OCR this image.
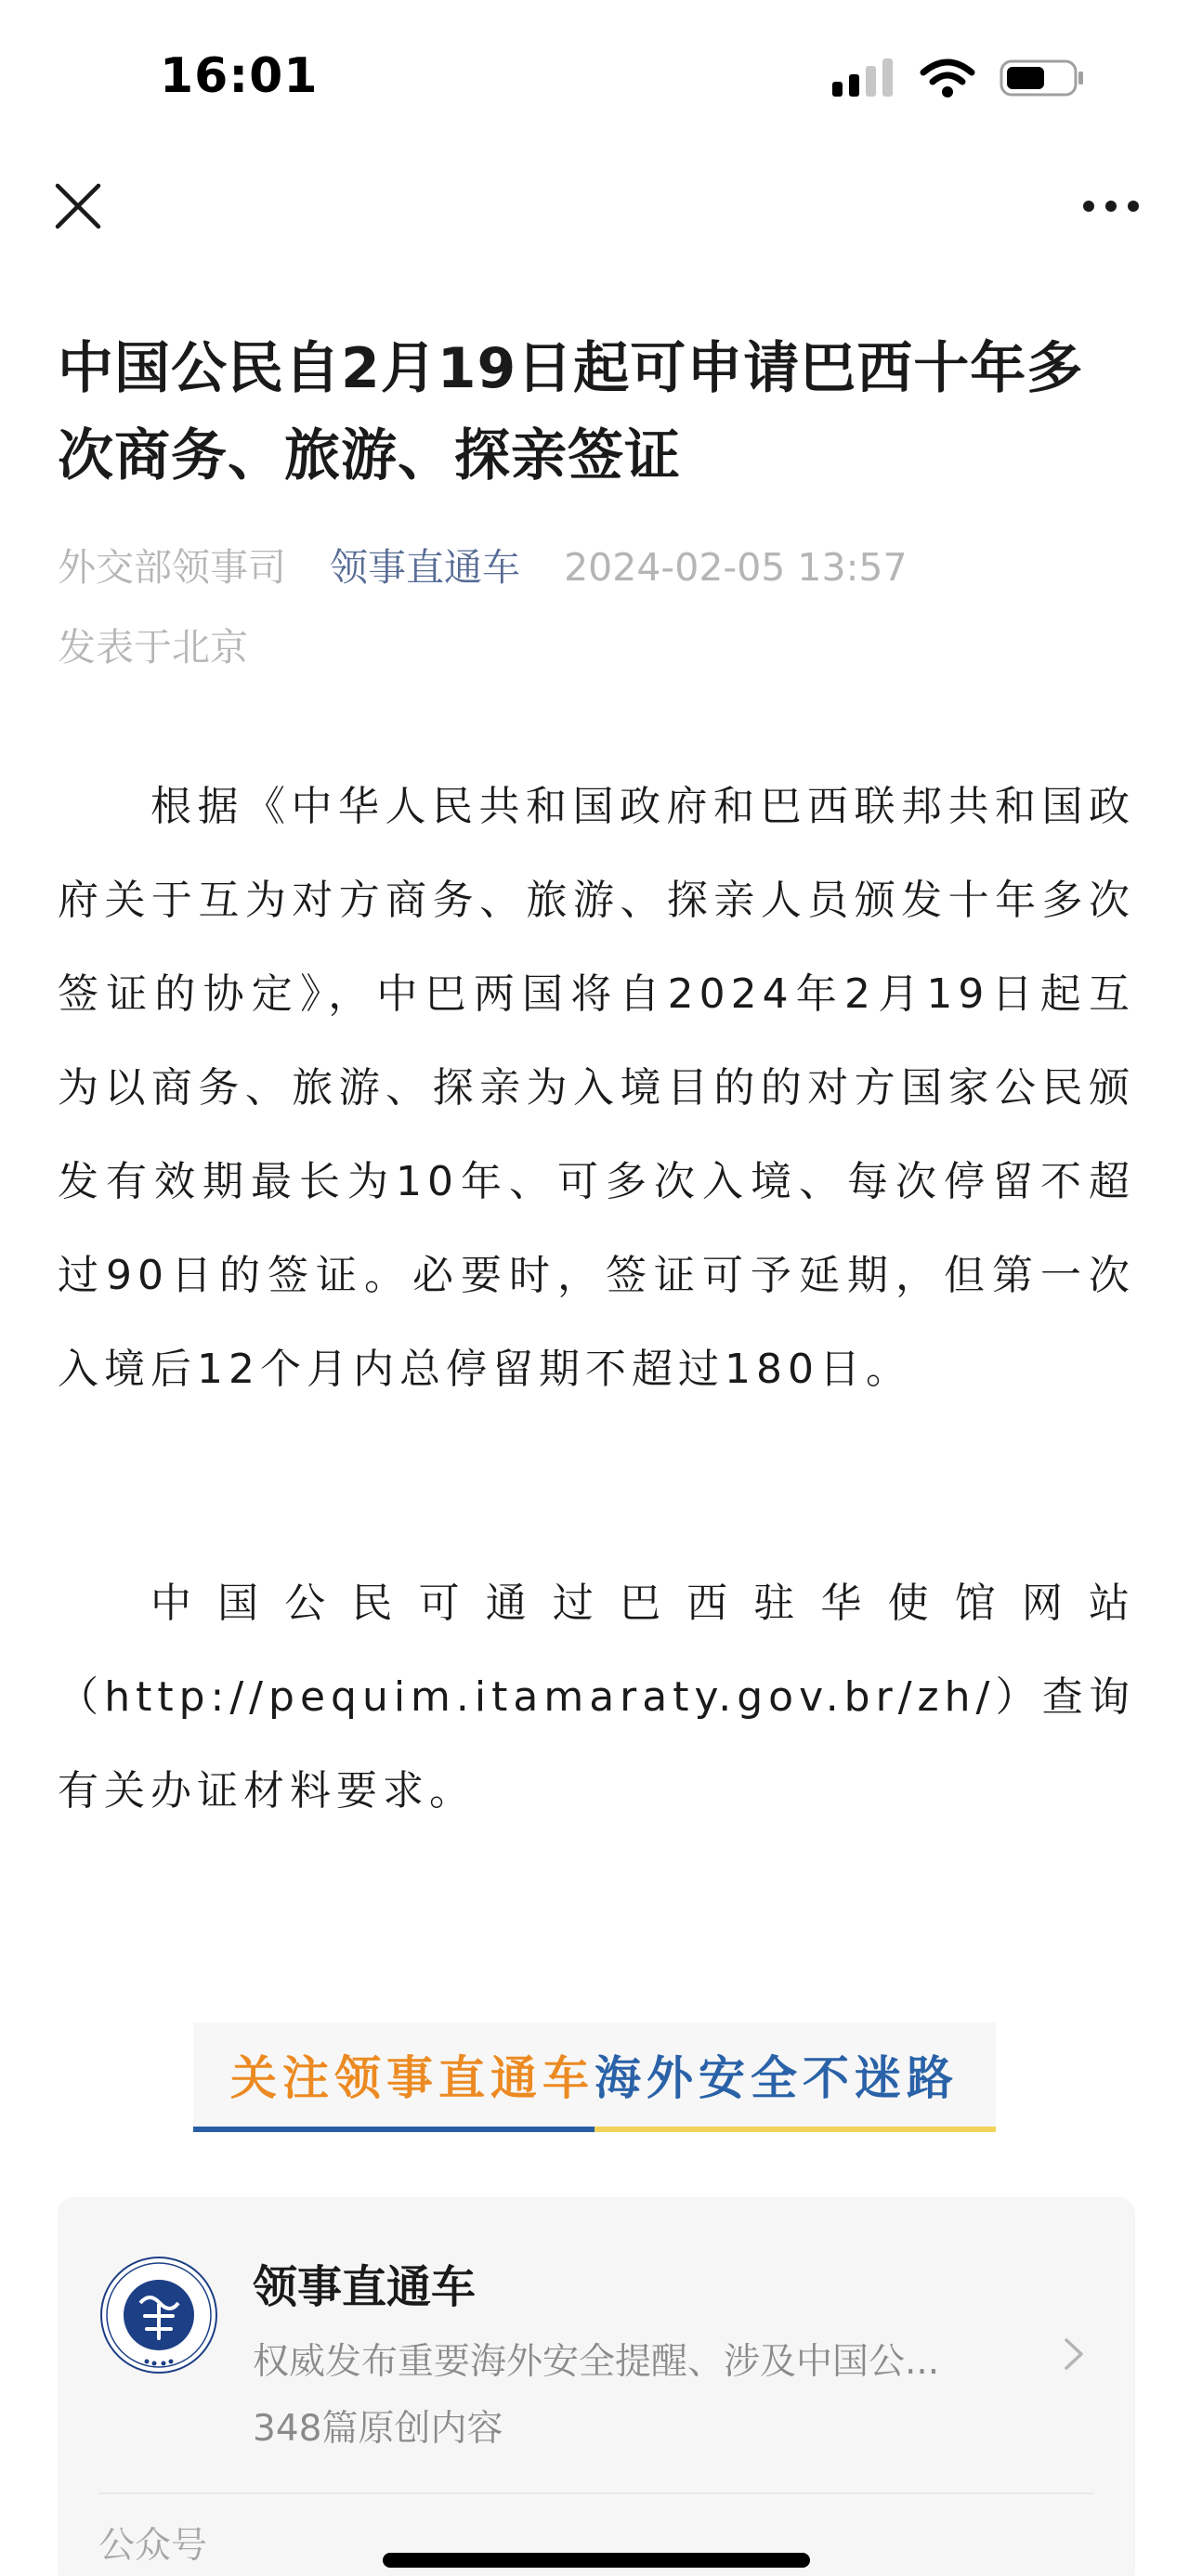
16:01
中国公民自2月19日起可申请巴西十年多次商务、旅游、探亲签证
外交部领事司 领事直通车 2024-02-05 13:57
发表于北京
根据《中华人民共和国政府和巴西联邦共和国政府关于互为对方商务、旅游、探亲人员颁发十年多次签证的协定》，中巴两国将自2024年2月19日起互为以商务、旅游、探亲为入境目的的对方国家公民颁发有效期最长为10年、可多次入境、每次停留不超过90日的签证。必要时，签证可予延期，但第一次入境后12个月内总停留期不超过180日。
中国公民可通过巴西驻华使馆网站（http://pequim.itamaraty.gov.br/zh/）查询有关办证材料要求。
关注领事直通车 海外安全不迷路
领事直通车
权威发布重要海外安全提醒、涉及中国公...
348篇原创内容
公众号
